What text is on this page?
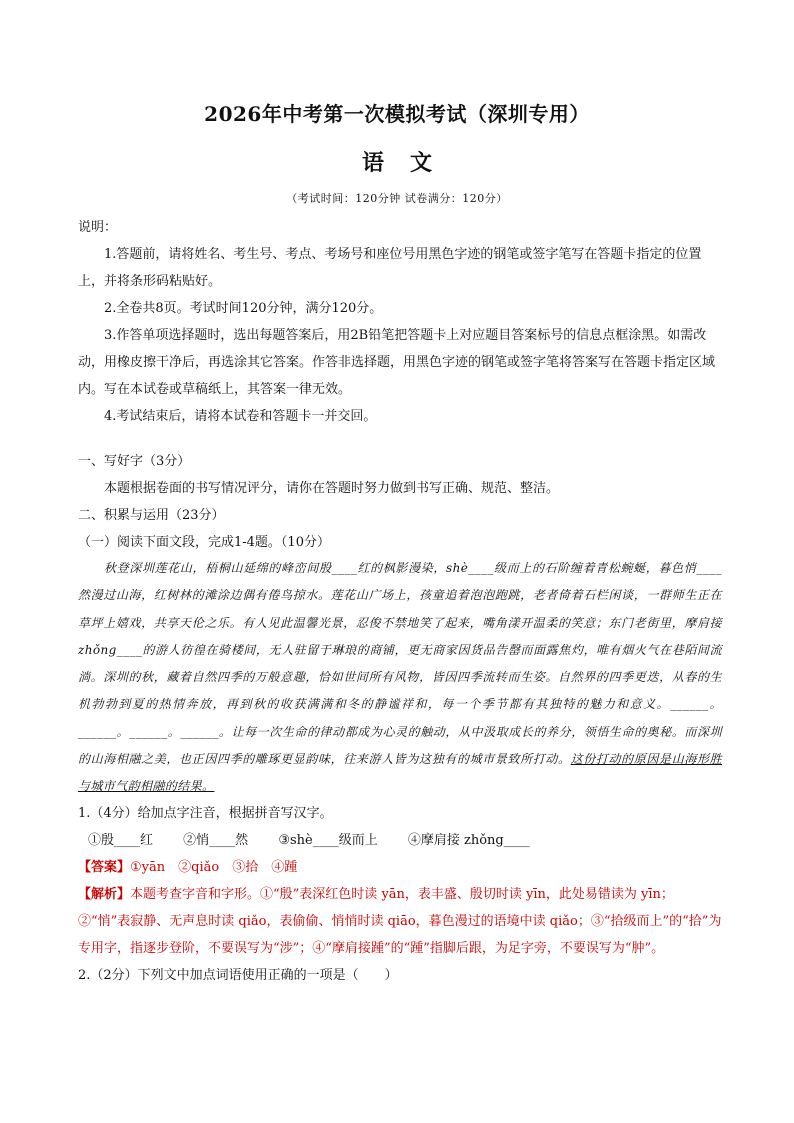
2026年中考第一次模拟考试（深圳专用）
语文
（考试时间：120分钟 试卷满分：120分）

说明：

1.答题前，请将姓名、考生号、考点、考场号和座位号用黑色字迹的钢笔或签字笔写在答题卡指定的位置上，并将条形码粘贴好。

2.全卷共8页。考试时间120分钟，满分120分。

3.作答单项选择题时，选出每题答案后，用2B铅笔把答题卡上对应题目答案标号的信息点框涂黑。如需改动，用橡皮擦干净后，再选涂其它答案。作答非选择题，用黑色字迹的钢笔或签字笔将答案写在答题卡指定区域内。写在本试卷或草稿纸上，其答案一律无效。

4.考试结束后，请将本试卷和答题卡一并交回。

一、写好字（3分）

本题根据卷面的书写情况评分，请你在答题时努力做到书写正确、规范、整洁。

二、积累与运用（23分）

（一）阅读下面文段，完成1-4题。（10分）

秋登深圳莲花山，梧桐山延绵的峰峦间殷____红的枫影漫染，shè____级而上的石阶缠着青松蜿蜒，暮色悄____然漫过山海，红树林的滩涂边偶有倦鸟掠水。莲花山广场上，孩童追着泡泡跑跳，老者倚着石栏闲谈，一群师生正在草坪上嬉戏，共享天伦之乐。有人见此温馨光景，忍俊不禁地笑了起来，嘴角漾开温柔的笑意；东门老街里，摩肩接 zhǒng____的游人彷徨在骑楼间，无人驻留于琳琅的商铺，更无商家因货品告罄而面露焦灼，唯有烟火气在巷陌间流淌。深圳的秋，藏着自然四季的万般意趣，恰如世间所有风物，皆因四季流转而生姿。自然界的四季更迭，从春的生机勃勃到夏的热情奔放，再到秋的收获满满和冬的静谧祥和，每一个季节都有其独特的魅力和意义。______。______。______。______。让每一次生命的律动都成为心灵的触动，从中汲取成长的养分，领悟生命的奥秘。而深圳的山海相融之美，也正因四季的雕琢更显韵味，往来游人皆为这独有的城市景致所打动。这份打动的原因是山海形胜与城市气韵相融的结果。

1.（4分）给加点字注音，根据拼音写汉字。

①殷____红 ②悄____然 ③shè____级而上 ④摩肩接 zhǒng____

【答案】①yān　②qiǎo　③拾　④踵

【解析】本题考查字音和字形。①“殷”表深红色时读 yān，表丰盛、殷切时读 yīn，此处易错读为 yīn；②“悄”表寂静、无声息时读 qiǎo，表偷偷、悄悄时读 qiāo，暮色漫过的语境中读 qiǎo；③“拾级而上”的“拾”为专用字，指逐步登阶，不要误写为“涉”；④“摩肩接踵”的“踵”指脚后跟，为足字旁，不要误写为“肿”。

2.（2分）下列文中加点词语使用正确的一项是（　　）
